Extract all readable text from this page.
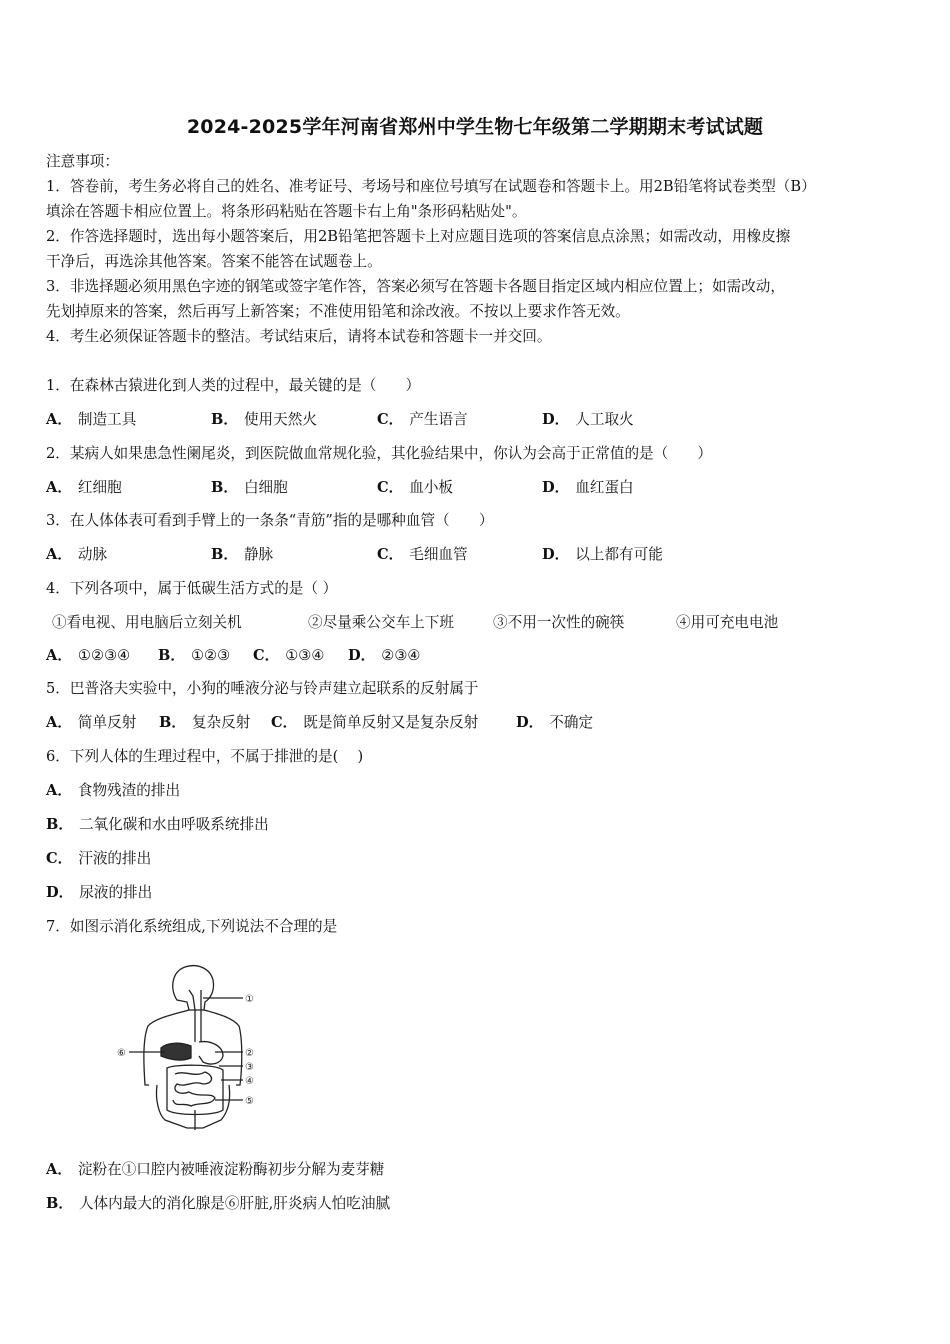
2024-2025学年河南省郑州中学生物七年级第二学期期末考试试题
注意事项：
1．答卷前，考生务必将自己的姓名、准考证号、考场号和座位号填写在试题卷和答题卡上。用2B铅笔将试卷类型（B）
填涂在答题卡相应位置上。将条形码粘贴在答题卡右上角"条形码粘贴处"。
2．作答选择题时，选出每小题答案后，用2B铅笔把答题卡上对应题目选项的答案信息点涂黑；如需改动，用橡皮擦
干净后，再选涂其他答案。答案不能答在试题卷上。
3．非选择题必须用黑色字迹的钢笔或签字笔作答，答案必须写在答题卡各题目指定区域内相应位置上；如需改动，
先划掉原来的答案，然后再写上新答案；不准使用铅笔和涂改液。不按以上要求作答无效。
4．考生必须保证答题卡的整洁。考试结束后，请将本试卷和答题卡一并交回。
1．在森林古猿进化到人类的过程中，最关键的是（　　）
A． 制造工具	B． 使用天然火	C． 产生语言	D． 人工取火
2．某病人如果患急性阑尾炎，到医院做血常规化验，其化验结果中，你认为会高于正常值的是（　　）
A． 红细胞	B． 白细胞	C． 血小板	D． 血红蛋白
3．在人体体表可看到手臂上的一条条“青筋”指的是哪种血管（　　）
A． 动脉	B． 静脉	C． 毛细血管	D． 以上都有可能
4．下列各项中，属于低碳生活方式的是（ ）
①看电视、用电脑后立刻关机	②尽量乘公交车上下班	③不用一次性的碗筷	④用可充电电池
A． ①②③④ B． ①②③ C． ①③④ D． ②③④
5．巴普洛夫实验中，小狗的唾液分泌与铃声建立起联系的反射属于
A． 简单反射 B． 复杂反射 C． 既是简单反射又是复杂反射	D． 不确定
6．下列人体的生理过程中，不属于排泄的是(　 )
A． 食物残渣的排出
B． 二氧化碳和水由呼吸系统排出
C． 汗液的排出
D． 尿液的排出
7．如图示消化系统组成,下列说法不合理的是
①
②
③
④
⑤
⑥
A． 淀粉在①口腔内被唾液淀粉酶初步分解为麦芽糖
B． 人体内最大的消化腺是⑥肝脏,肝炎病人怕吃油腻
